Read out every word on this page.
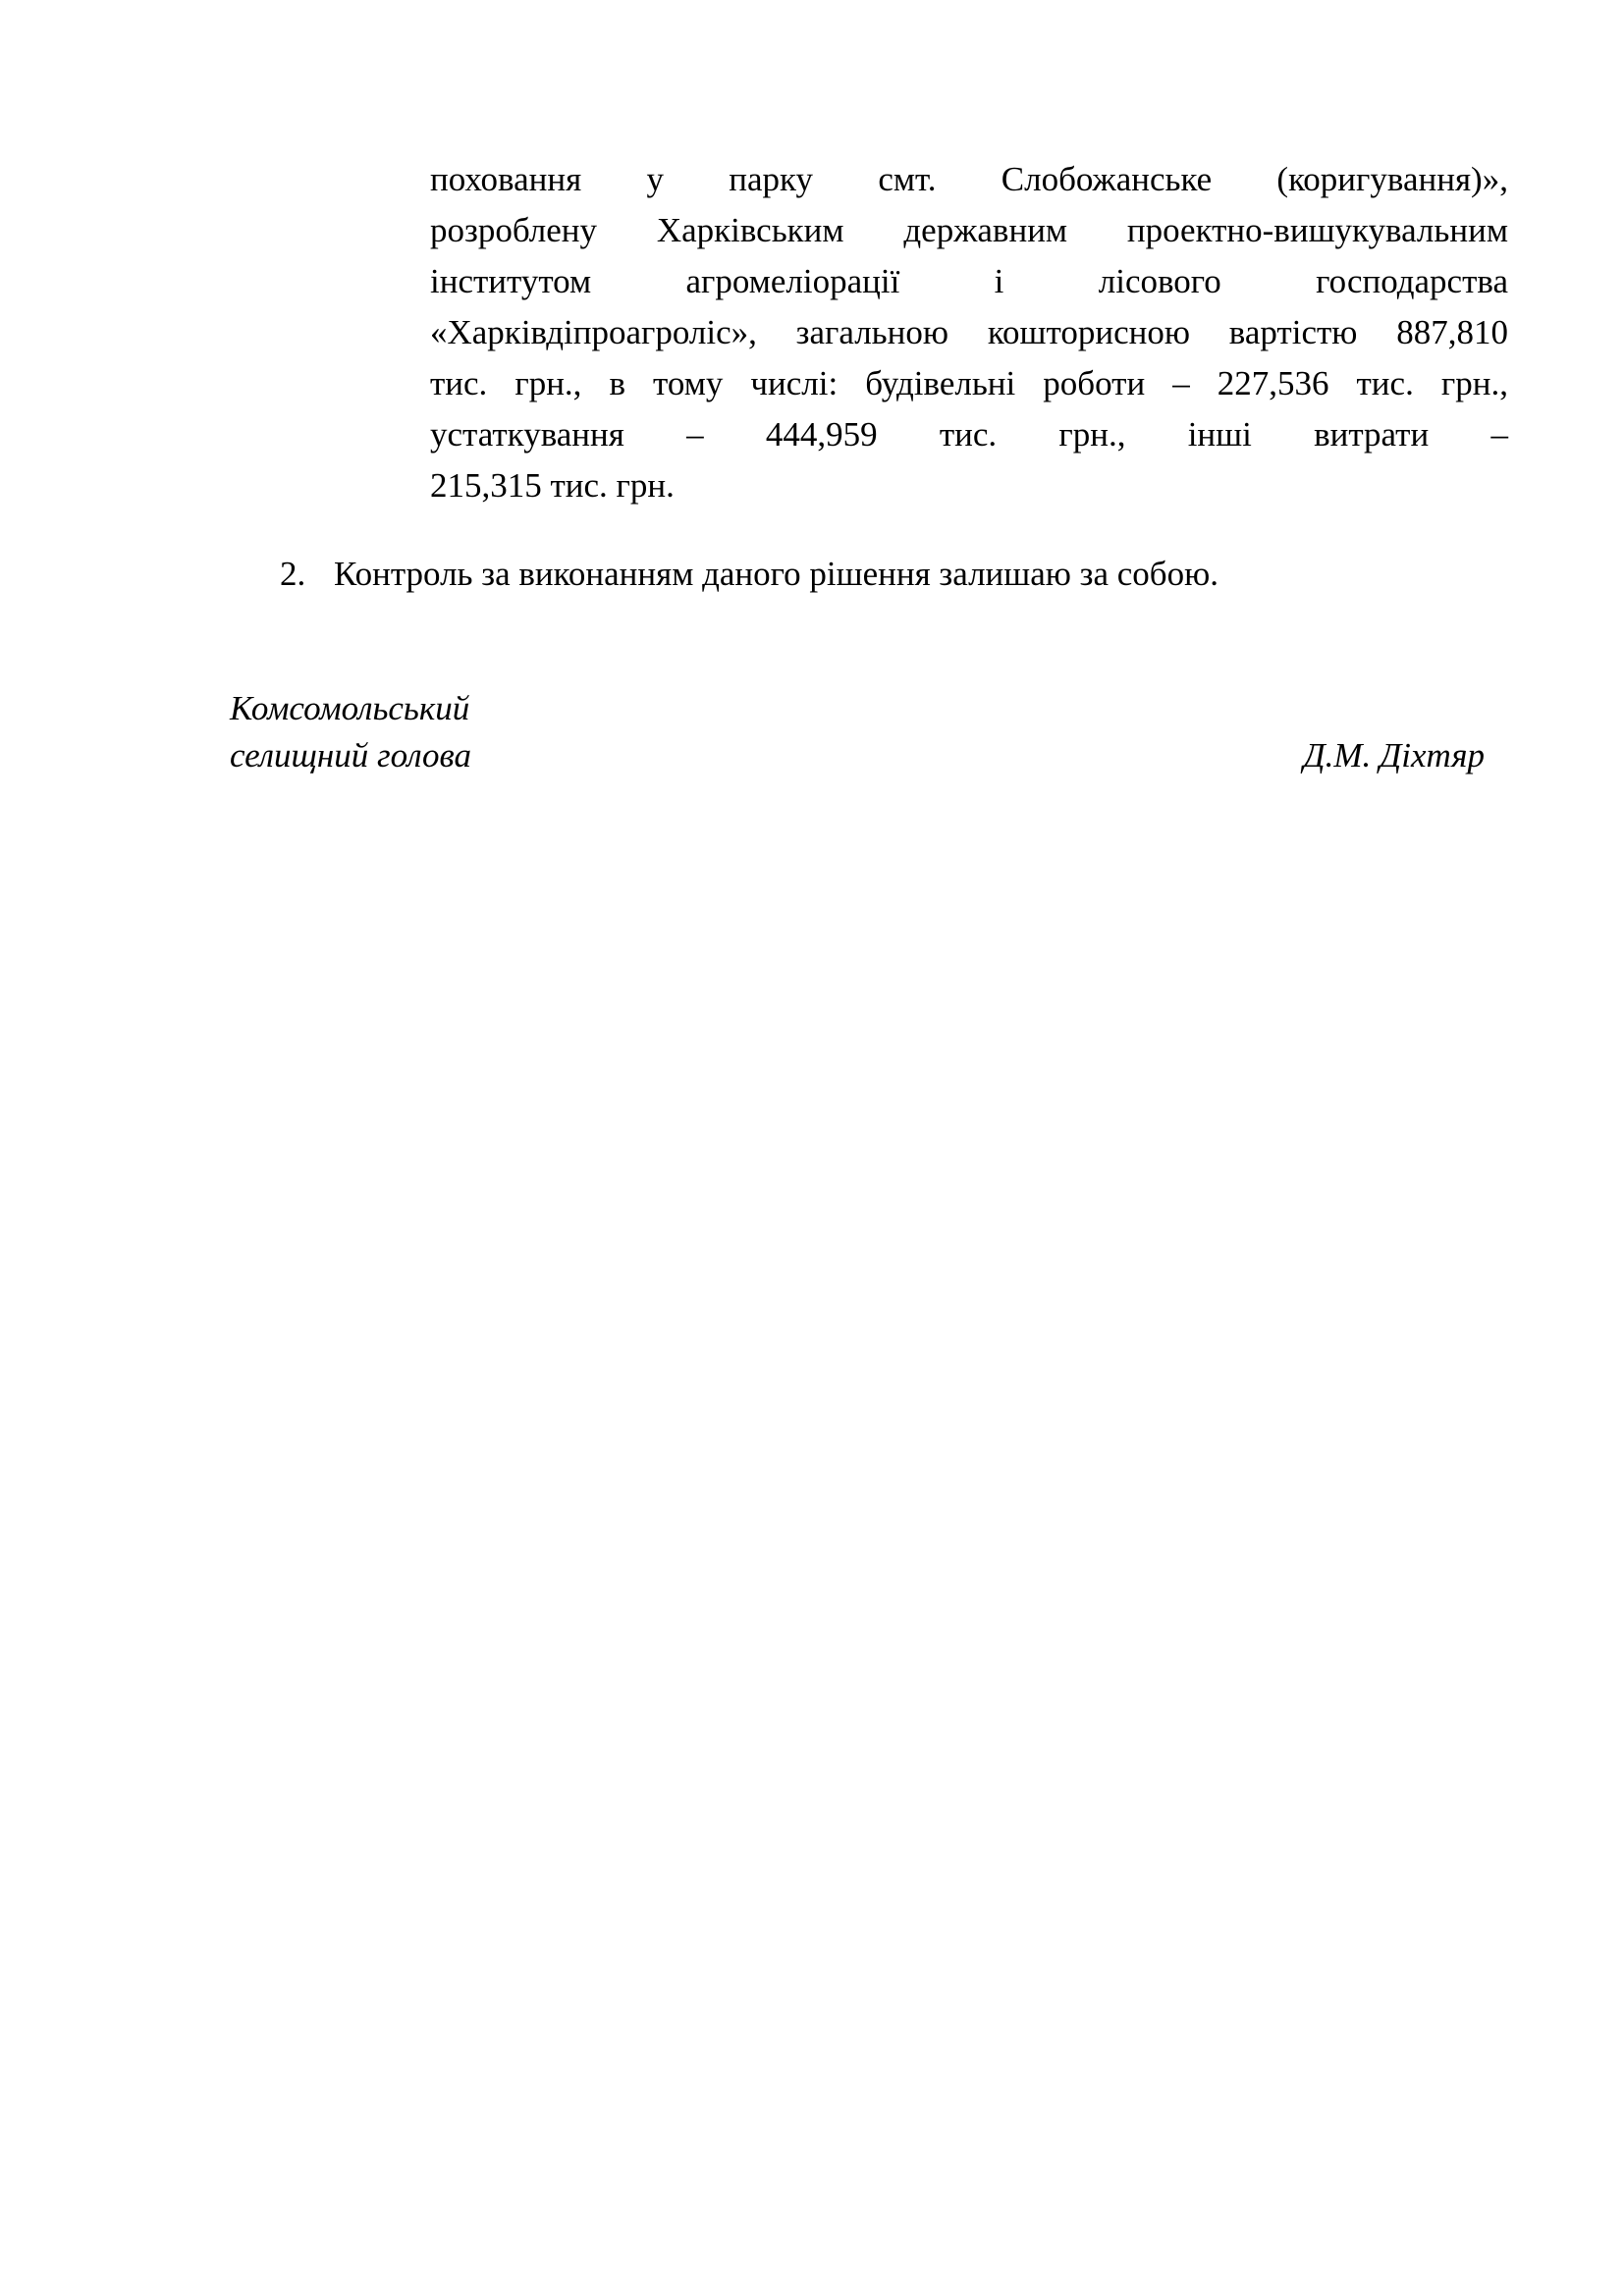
поховання у парку смт. Слобожанське (коригування)»,
розроблену Харківським державним проектно-вишукувальним
інститутом	агромеліорації	і	лісового	господарства
«Харківдіпроагроліс», загальною кошторисною вартістю 887,810
тис. грн., в тому числі: будівельні роботи – 227,536 тис. грн.,
устаткування – 444,959 тис. грн., інші витрати –
215,315 тис. грн.
2. Контроль за виконанням даного рішення залишаю за собою.
Комсомольський
селищний голова	Д.М. Діхтяр
